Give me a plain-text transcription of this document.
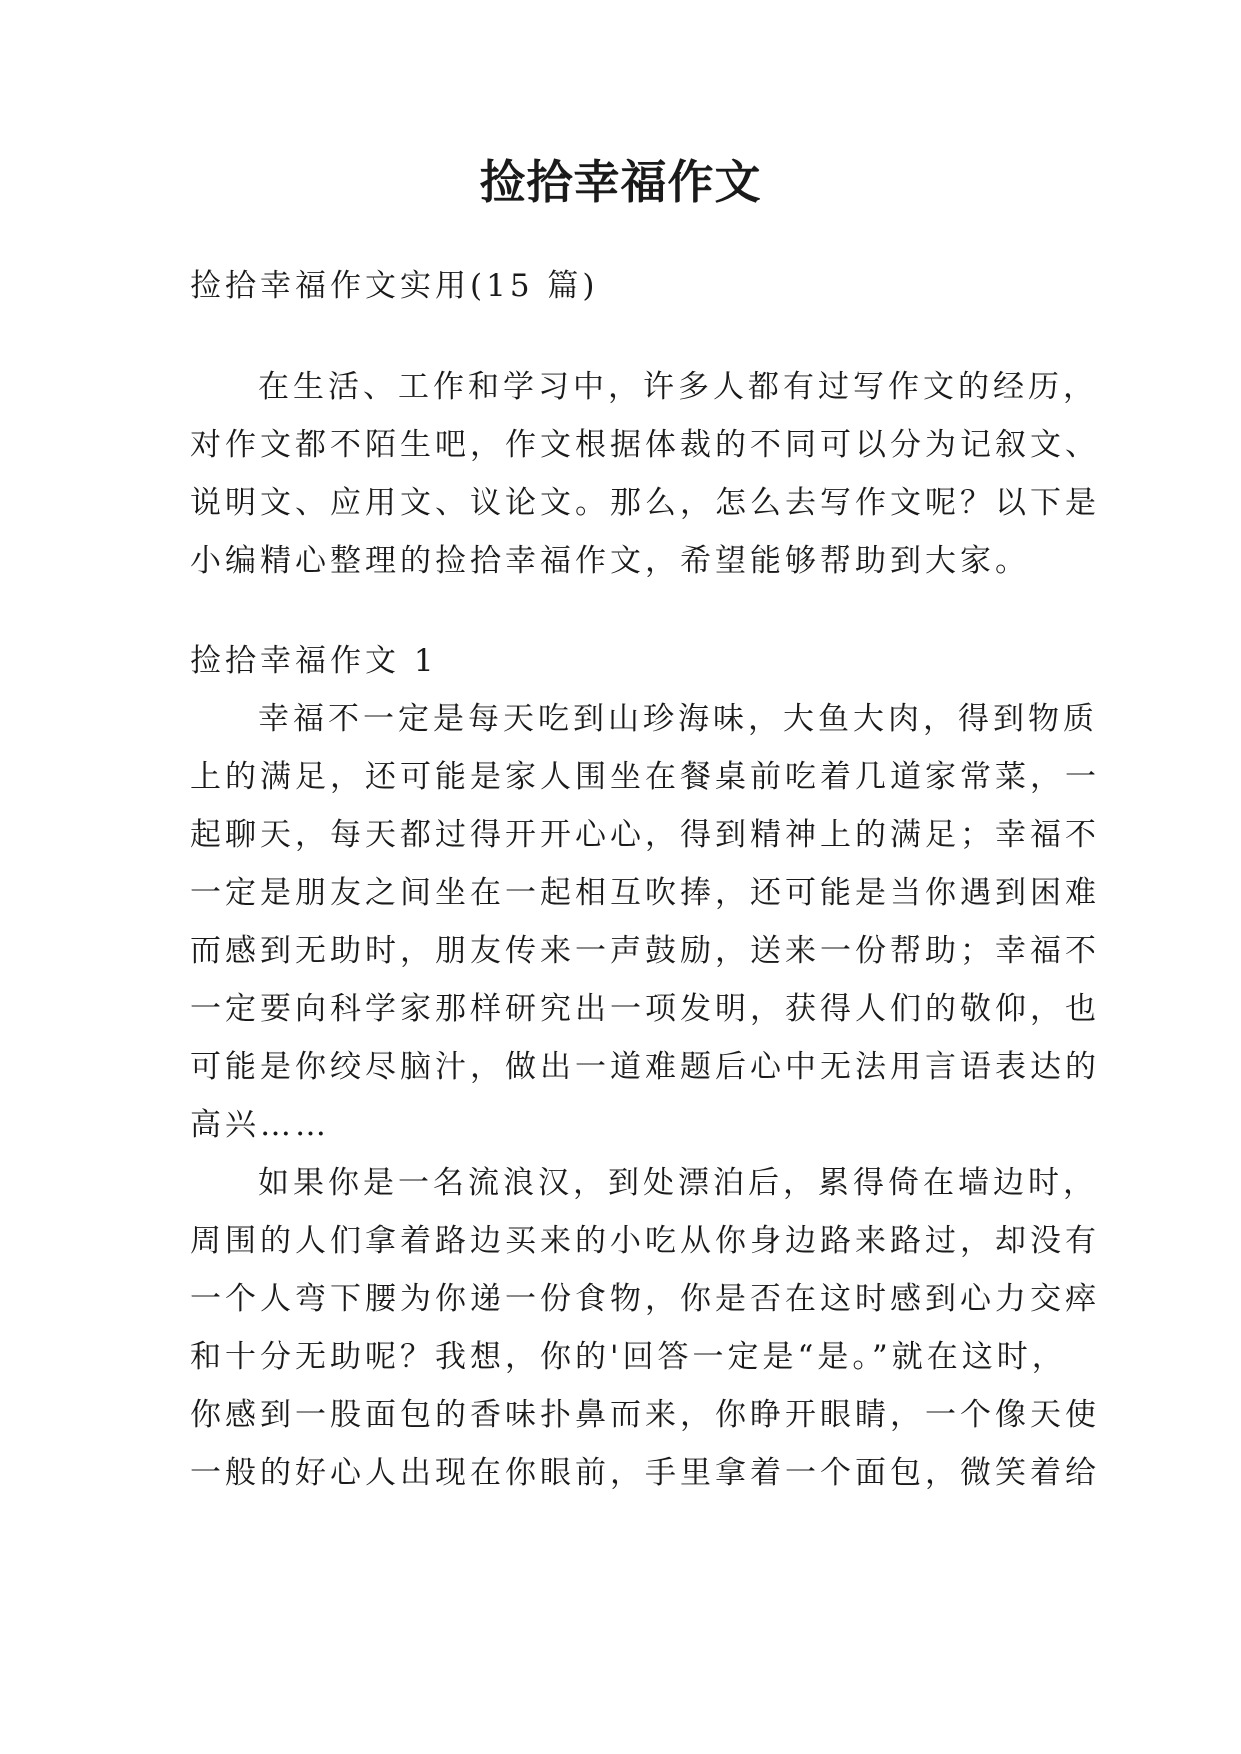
捡拾幸福作文
捡拾幸福作文实用(15 篇)
在生活、工作和学习中，许多人都有过写作文的经历，
对作文都不陌生吧，作文根据体裁的不同可以分为记叙文、
说明文、应用文、议论文。那么，怎么去写作文呢？以下是
小编精心整理的捡拾幸福作文，希望能够帮助到大家。
捡拾幸福作文 1
幸福不一定是每天吃到山珍海味，大鱼大肉，得到物质
上的满足，还可能是家人围坐在餐桌前吃着几道家常菜，一
起聊天，每天都过得开开心心，得到精神上的满足；幸福不
一定是朋友之间坐在一起相互吹捧，还可能是当你遇到困难
而感到无助时，朋友传来一声鼓励，送来一份帮助；幸福不
一定要向科学家那样研究出一项发明，获得人们的敬仰，也
可能是你绞尽脑汁，做出一道难题后心中无法用言语表达的
高兴……
如果你是一名流浪汉，到处漂泊后，累得倚在墙边时，
周围的人们拿着路边买来的小吃从你身边路来路过，却没有
一个人弯下腰为你递一份食物，你是否在这时感到心力交瘁
和十分无助呢？我想，你的'回答一定是“是。”就在这时，
你感到一股面包的香味扑鼻而来，你睁开眼睛，一个像天使
一般的好心人出现在你眼前，手里拿着一个面包，微笑着给
